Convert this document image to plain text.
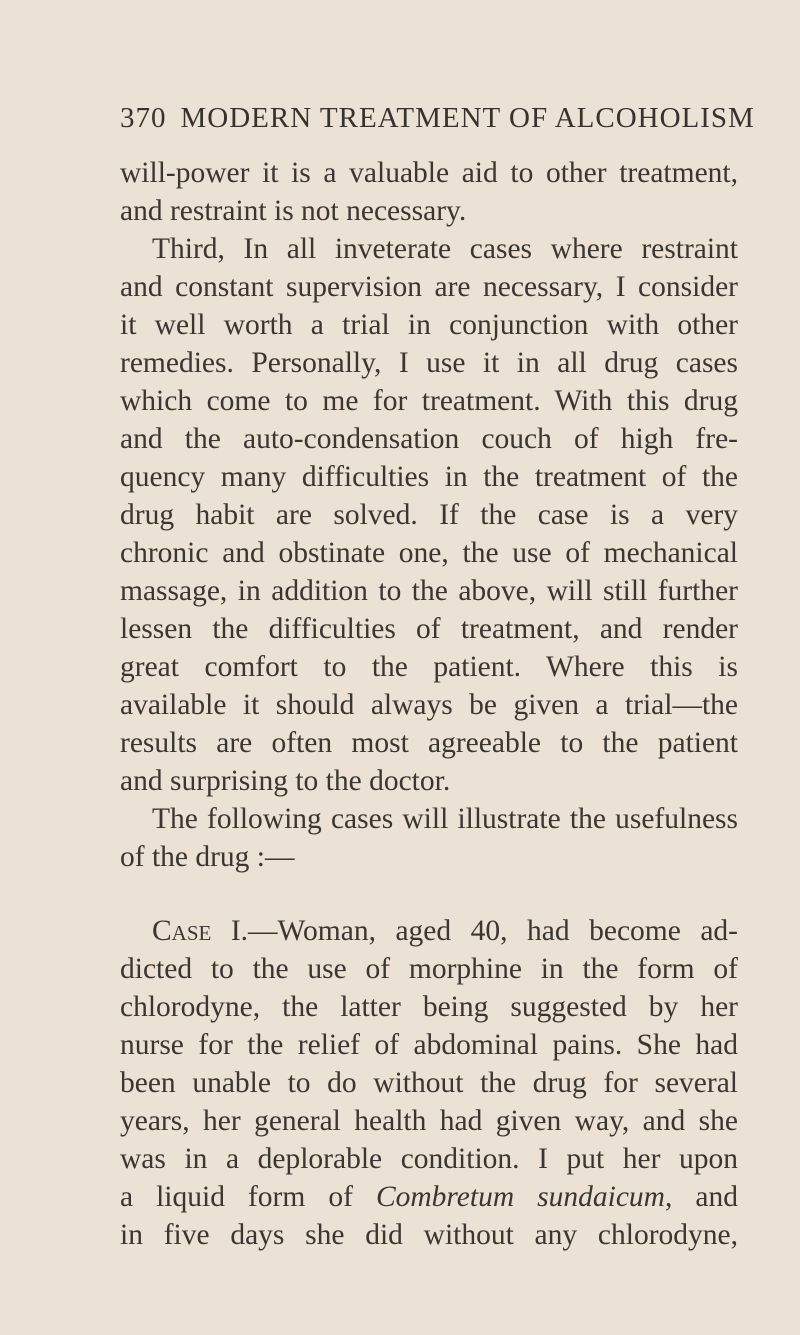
370 MODERN TREATMENT OF ALCOHOLISM
will-power it is a valuable aid to other treatment,
and restraint is not necessary.
Third, In all inveterate cases where restraint
and constant supervision are necessary, I consider
it well worth a trial in conjunction with other
remedies. Personally, I use it in all drug cases
which come to me for treatment. With this drug
and the auto-condensation couch of high fre-
quency many difficulties in the treatment of the
drug habit are solved. If the case is a very
chronic and obstinate one, the use of mechanical
massage, in addition to the above, will still further
lessen the difficulties of treatment, and render
great comfort to the patient. Where this is
available it should always be given a trial—the
results are often most agreeable to the patient
and surprising to the doctor.
The following cases will illustrate the usefulness
of the drug :—
Case I.—Woman, aged 40, had become ad-
dicted to the use of morphine in the form of
chlorodyne, the latter being suggested by her
nurse for the relief of abdominal pains. She had
been unable to do without the drug for several
years, her general health had given way, and she
was in a deplorable condition. I put her upon
a liquid form of Combretum sundaicum, and
in five days she did without any chlorodyne,
